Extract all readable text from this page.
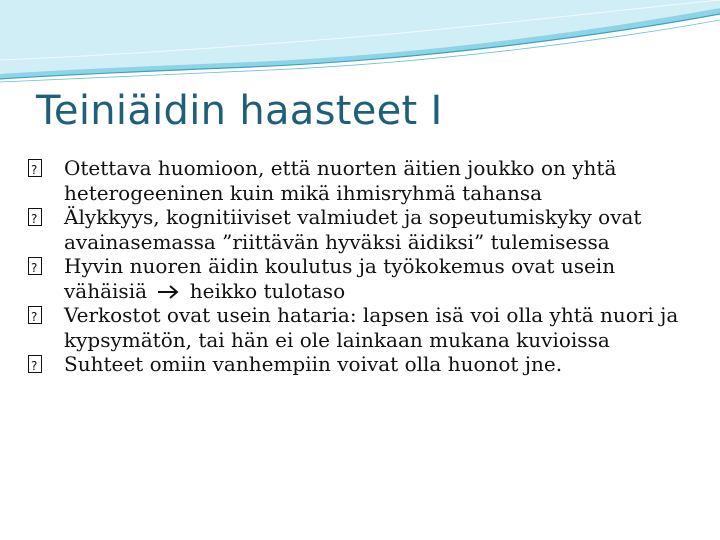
Teiniäidin haasteet I
?
Otettava huomioon, että nuorten äitien joukko on yhtä heterogeeninen kuin mikä ihmisryhmä tahansa
?
Älykkyys, kognitiiviset valmiudet ja sopeutumiskyky ovat avainasemassa ”riittävän hyväksi äidiksi” tulemisessa
?
Hyvin nuoren äidin koulutus ja työkokemus ovat usein vähäisiä heikko tulotaso
?
Verkostot ovat usein hataria: lapsen isä voi olla yhtä nuori ja kypsymätön, tai hän ei ole lainkaan mukana kuvioissa
?
Suhteet omiin vanhempiin voivat olla huonot jne.
